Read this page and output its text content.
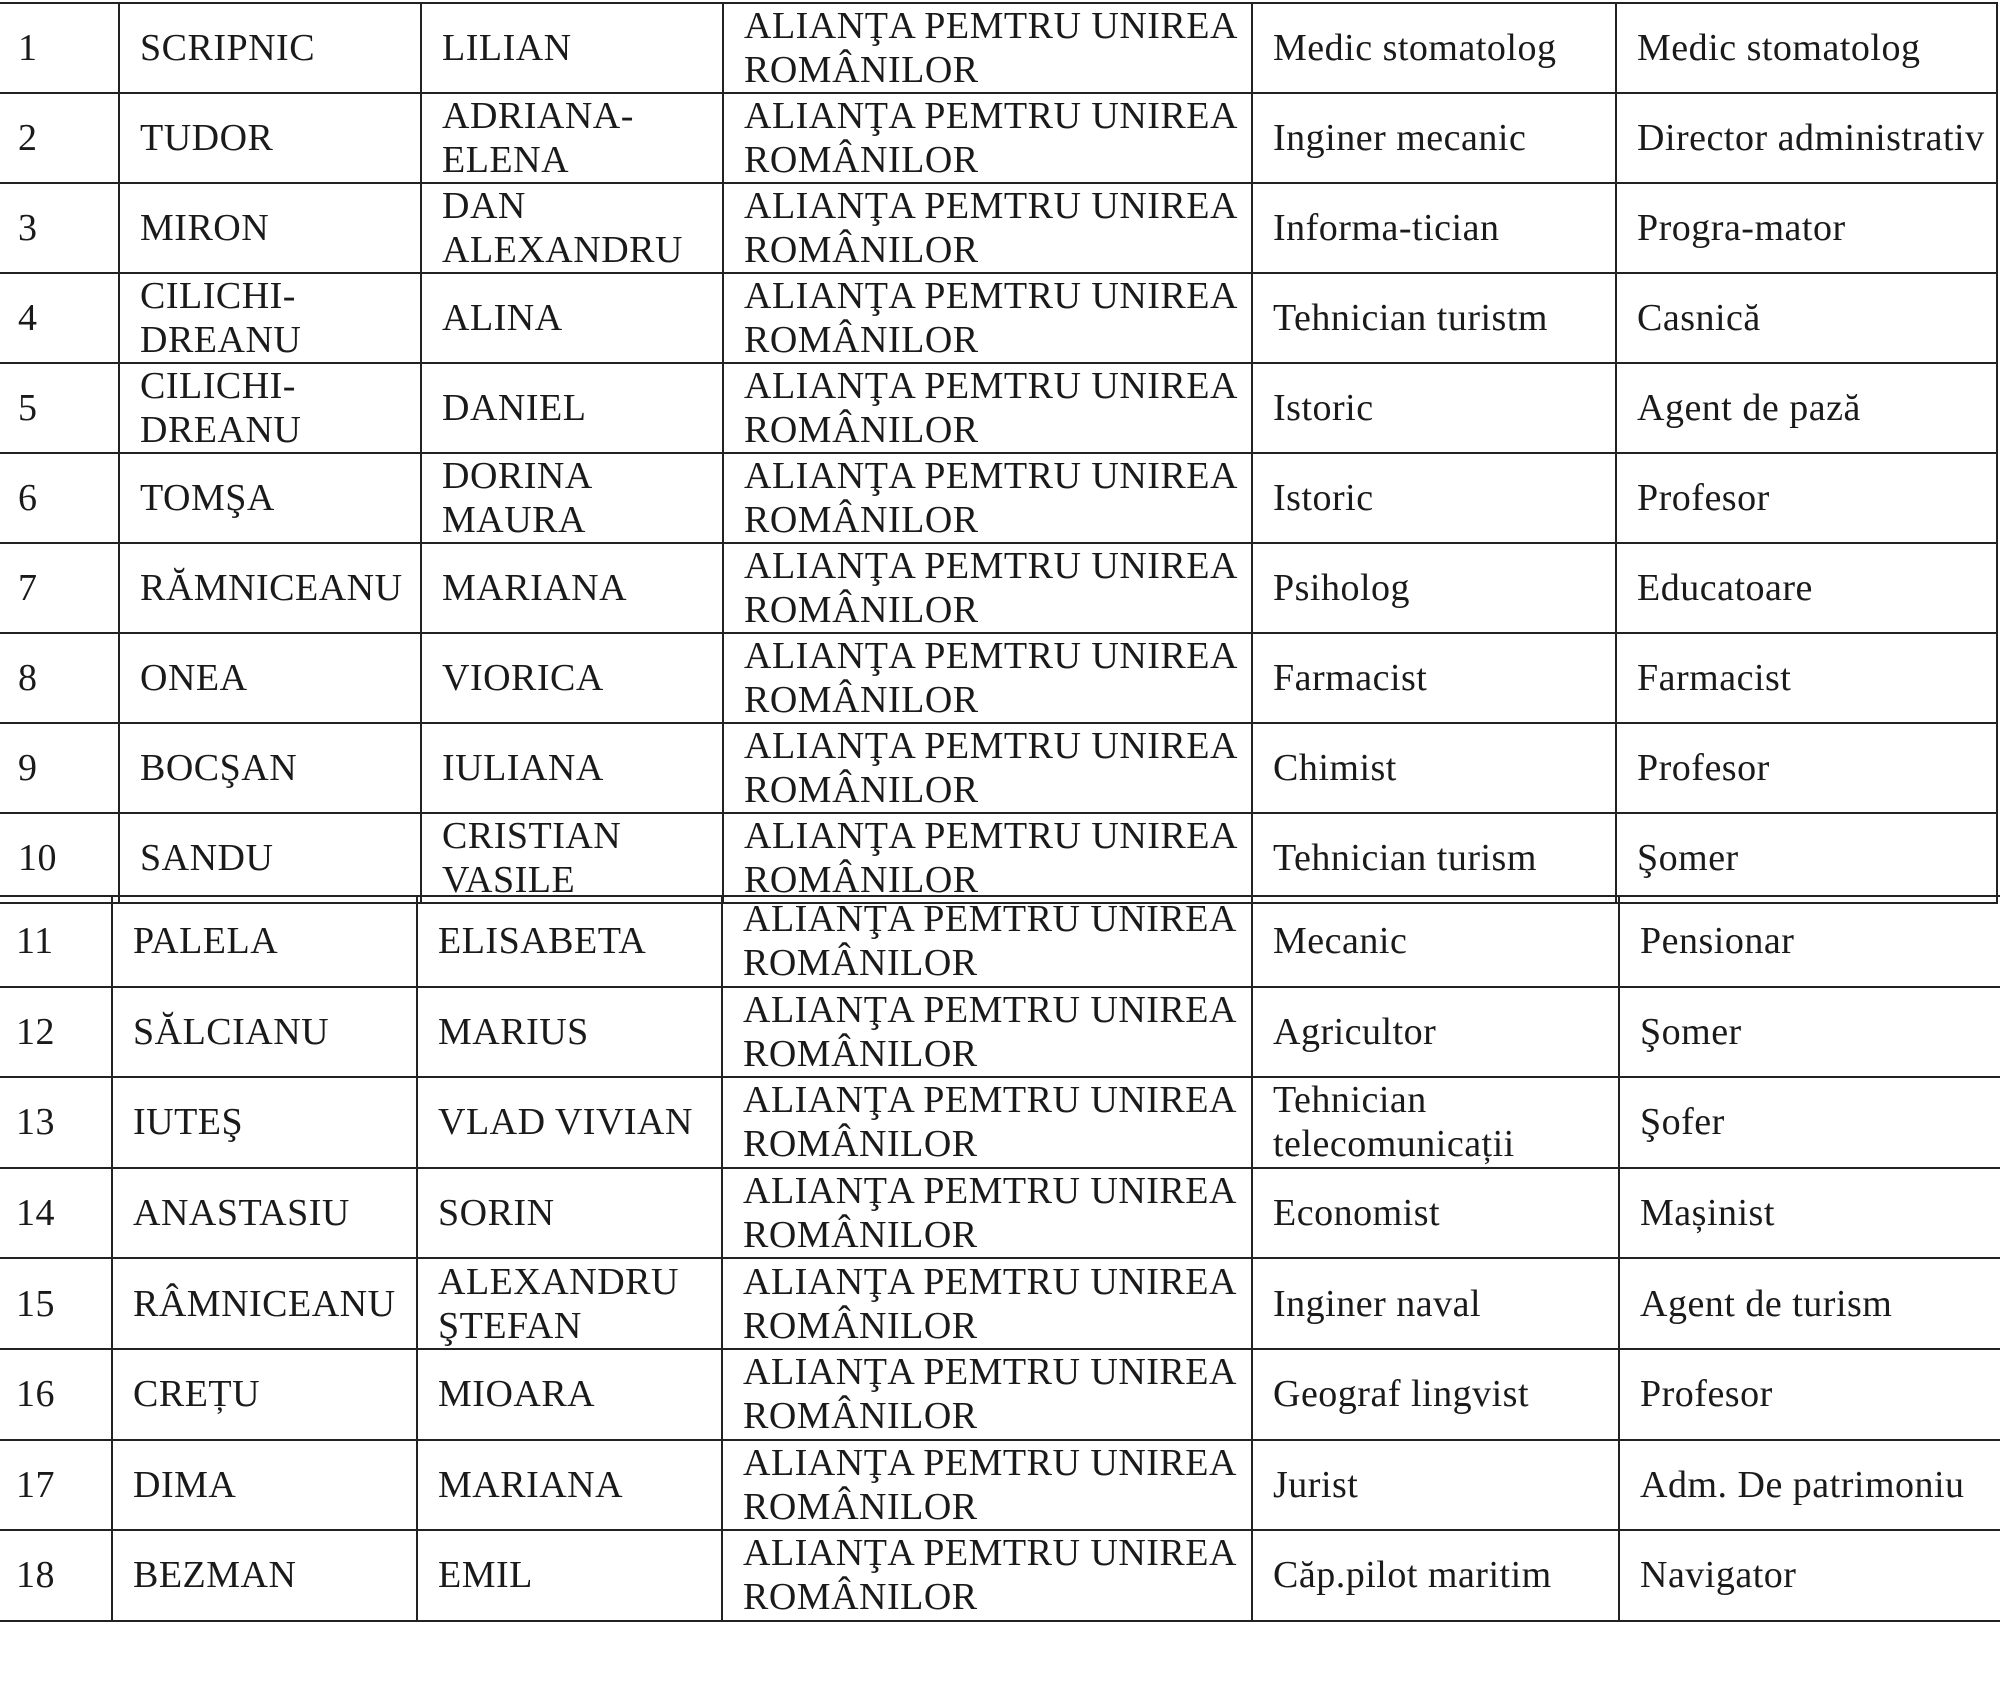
1	SCRIPNIC	LILIAN	ALIANŢA PEMTRU UNIREA ROMÂNILOR	Medic stomatolog	Medic stomatolog
2	TUDOR	ADRIANA-ELENA	ALIANŢA PEMTRU UNIREA ROMÂNILOR	Inginer mecanic	Director administrativ
3	MIRON	DAN ALEXANDRU	ALIANŢA PEMTRU UNIREA ROMÂNILOR	Informa-tician	Progra-mator
4	CILICHI-DREANU	ALINA	ALIANŢA PEMTRU UNIREA ROMÂNILOR	Tehnician turistm	Casnică
5	CILICHI-DREANU	DANIEL	ALIANŢA PEMTRU UNIREA ROMÂNILOR	Istoric	Agent de pază
6	TOMŞA	DORINA MAURA	ALIANŢA PEMTRU UNIREA ROMÂNILOR	Istoric	Profesor
7	RĂMNICEANU	MARIANA	ALIANŢA PEMTRU UNIREA ROMÂNILOR	Psiholog	Educatoare
8	ONEA	VIORICA	ALIANŢA PEMTRU UNIREA ROMÂNILOR	Farmacist	Farmacist
9	BOCŞAN	IULIANA	ALIANŢA PEMTRU UNIREA ROMÂNILOR	Chimist	Profesor
10	SANDU	CRISTIAN VASILE	ALIANŢA PEMTRU UNIREA ROMÂNILOR	Tehnician turism	Şomer
11	PALELA	ELISABETA	ALIANŢA PEMTRU UNIREA ROMÂNILOR	Mecanic	Pensionar
12	SĂLCIANU	MARIUS	ALIANŢA PEMTRU UNIREA ROMÂNILOR	Agricultor	Şomer
13	IUTEŞ	VLAD VIVIAN	ALIANŢA PEMTRU UNIREA ROMÂNILOR	Tehnician telecomunicații	Şofer
14	ANASTASIU	SORIN	ALIANŢA PEMTRU UNIREA ROMÂNILOR	Economist	Mașinist
15	RÂMNICEANU	ALEXANDRU ŞTEFAN	ALIANŢA PEMTRU UNIREA ROMÂNILOR	Inginer naval	Agent de turism
16	CREȚU	MIOARA	ALIANŢA PEMTRU UNIREA ROMÂNILOR	Geograf lingvist	Profesor
17	DIMA	MARIANA	ALIANŢA PEMTRU UNIREA ROMÂNILOR	Jurist	Adm. De patrimoniu
18	BEZMAN	EMIL	ALIANŢA PEMTRU UNIREA ROMÂNILOR	Căp.pilot maritim	Navigator
